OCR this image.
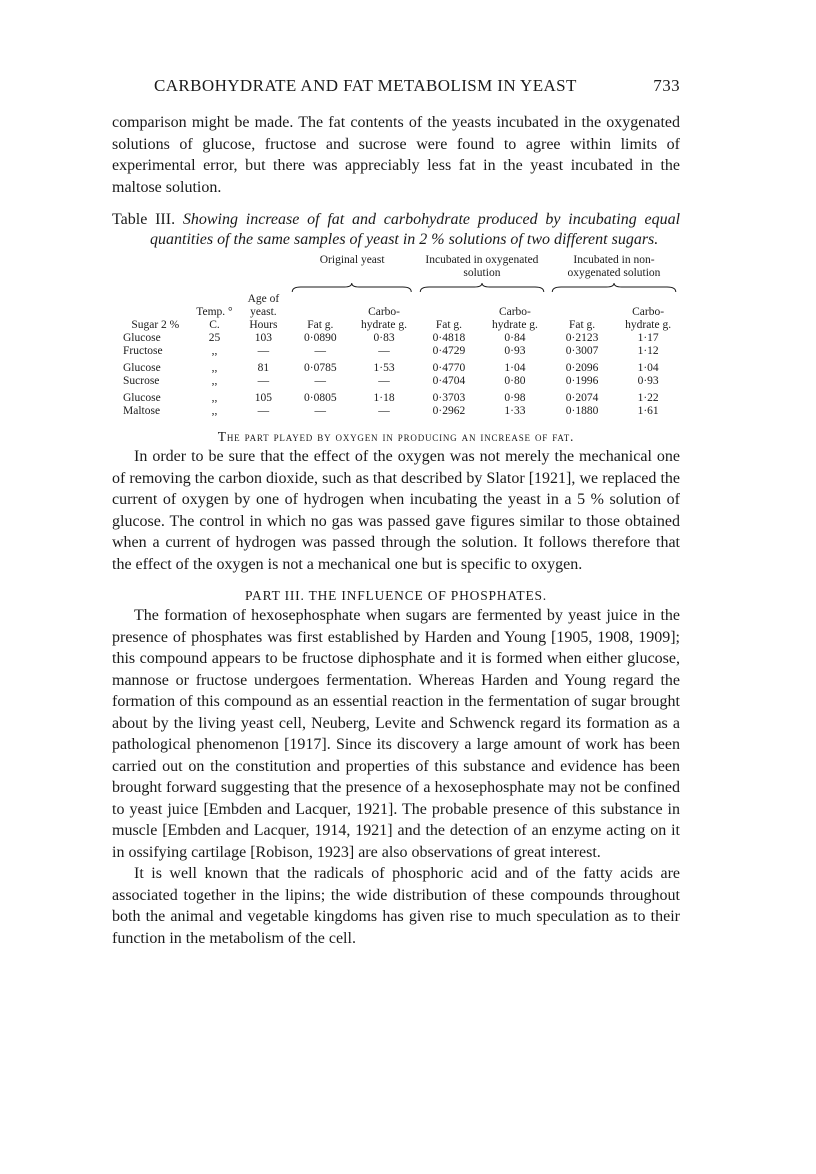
CARBOHYDRATE AND FAT METABOLISM IN YEAST	733

comparison might be made. The fat contents of the yeasts incubated in the oxygenated solutions of glucose, fructose and sucrose were found to agree within limits of experimental error, but there was appreciably less fat in the yeast incubated in the maltose solution.

Table III. Showing increase of fat and carbohydrate produced by incubating equal quantities of the same samples of yeast in 2 % solutions of two different sugars.
			Original yeast		Incubated in oxygenated solution		Incubated in non-oxygenated solution	

Sugar 2 %	Temp. ° C.	Age of yeast. Hours	Fat g.	Carbo-hydrate g.	Fat g.	Carbo-hydrate g.	Fat g.	Carbo-hydrate g.
Glucose	25	103	0·0890	0·83	0·4818	0·84	0·2123	1·17
Fructose	,,	—	—	—	0·4729	0·93	0·3007	1·12
Glucose	,,	81	0·0785	1·53	0·4770	1·04	0·2096	1·04
Sucrose	,,	—	—	—	0·4704	0·80	0·1996	0·93
Glucose	,,	105	0·0805	1·18	0·3703	0·98	0·2074	1·22
Maltose	,,	—	—	—	0·2962	1·33	0·1880	1·61
The part played by oxygen in producing an increase of fat.

In order to be sure that the effect of the oxygen was not merely the mechanical one of removing the carbon dioxide, such as that described by Slator [1921], we replaced the current of oxygen by one of hydrogen when incubating the yeast in a 5 % solution of glucose. The control in which no gas was passed gave figures similar to those obtained when a current of hydrogen was passed through the solution. It follows therefore that the effect of the oxygen is not a mechanical one but is specific to oxygen.

PART III. THE INFLUENCE OF PHOSPHATES.

The formation of hexosephosphate when sugars are fermented by yeast juice in the presence of phosphates was first established by Harden and Young [1905, 1908, 1909]; this compound appears to be fructose diphosphate and it is formed when either glucose, mannose or fructose undergoes fermentation. Whereas Harden and Young regard the formation of this compound as an essential reaction in the fermentation of sugar brought about by the living yeast cell, Neuberg, Levite and Schwenck regard its formation as a pathological phenomenon [1917]. Since its discovery a large amount of work has been carried out on the constitution and properties of this substance and evidence has been brought forward suggesting that the presence of a hexosephosphate may not be confined to yeast juice [Embden and Lacquer, 1921]. The probable presence of this substance in muscle [Embden and Lacquer, 1914, 1921] and the detection of an enzyme acting on it in ossifying cartilage [Robison, 1923] are also observations of great interest.

It is well known that the radicals of phosphoric acid and of the fatty acids are associated together in the lipins; the wide distribution of these compounds throughout both the animal and vegetable kingdoms has given rise to much speculation as to their function in the metabolism of the cell.
